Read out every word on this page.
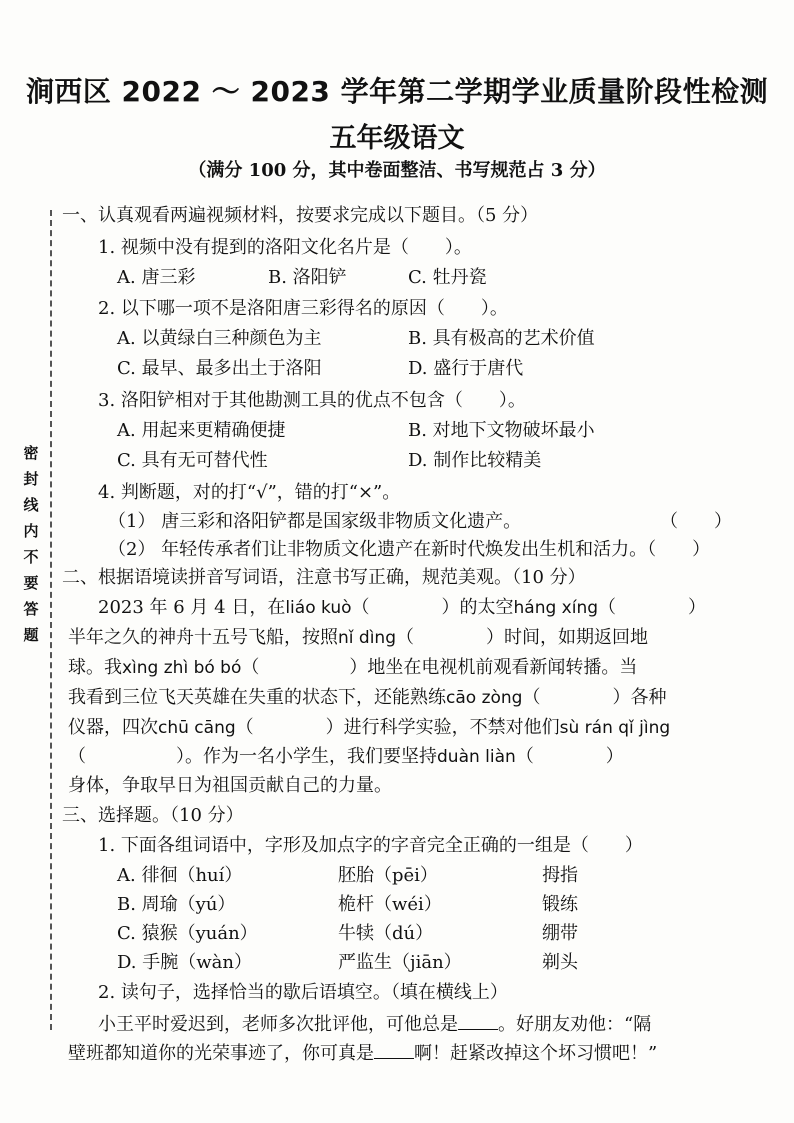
涧西区 2022 ～ 2023 学年第二学期学业质量阶段性检测
五年级语文
（满分 100 分，其中卷面整洁、书写规范占 3 分）
密封线内不要答题
一、认真观看两遍视频材料，按要求完成以下题目。（5 分）
1. 视频中没有提到的洛阳文化名片是（　　）。
A. 唐三彩	B. 洛阳铲	C. 牡丹瓷
2. 以下哪一项不是洛阳唐三彩得名的原因（　　）。
A. 以黄绿白三种颜色为主	B. 具有极高的艺术价值
C. 最早、最多出土于洛阳	D. 盛行于唐代
3. 洛阳铲相对于其他勘测工具的优点不包含（　　）。
A. 用起来更精确便捷	B. 对地下文物破坏最小
C. 具有无可替代性	D. 制作比较精美
4. 判断题，对的打“√”，错的打“×”。
（1） 唐三彩和洛阳铲都是国家级非物质文化遗产。	（　　）
（2） 年轻传承者们让非物质文化遗产在新时代焕发出生机和活力。（　　）
二、根据语境读拼音写词语，注意书写正确，规范美观。（10 分）
2023 年 6 月 4 日，在liáo kuò（　　　　）的太空háng xíng（　　　　）
半年之久的神舟十五号飞船，按照nǐ dìng（　　　　）时间，如期返回地
球。我xìng zhì bó bó（　　　　　）地坐在电视机前观看新闻转播。当
我看到三位飞天英雄在失重的状态下，还能熟练cāo zòng（　　　　）各种
仪器，四次chū cāng（　　　　）进行科学实验，不禁对他们sù rán qǐ jìng
（　　　　　）。作为一名小学生，我们要坚持duàn liàn（　　　　）
身体，争取早日为祖国贡献自己的力量。
三、选择题。（10 分）
1. 下面各组词语中，字形及加点字的字音完全正确的一组是（　　）
A. 徘徊（huí）	胚胎（pēi）	拇指
B. 周瑜（yú）	桅杆（wéi）	锻练
C. 猿猴（yuán）	牛犊（dú）	绷带
D. 手腕（wàn）	严监生（jiān）	剃头
2. 读句子，选择恰当的歇后语填空。（填在横线上）
小王平时爱迟到，老师多次批评他，可他总是 。好朋友劝他：“隔
壁班都知道你的光荣事迹了，你可真是 啊！赶紧改掉这个坏习惯吧！”
